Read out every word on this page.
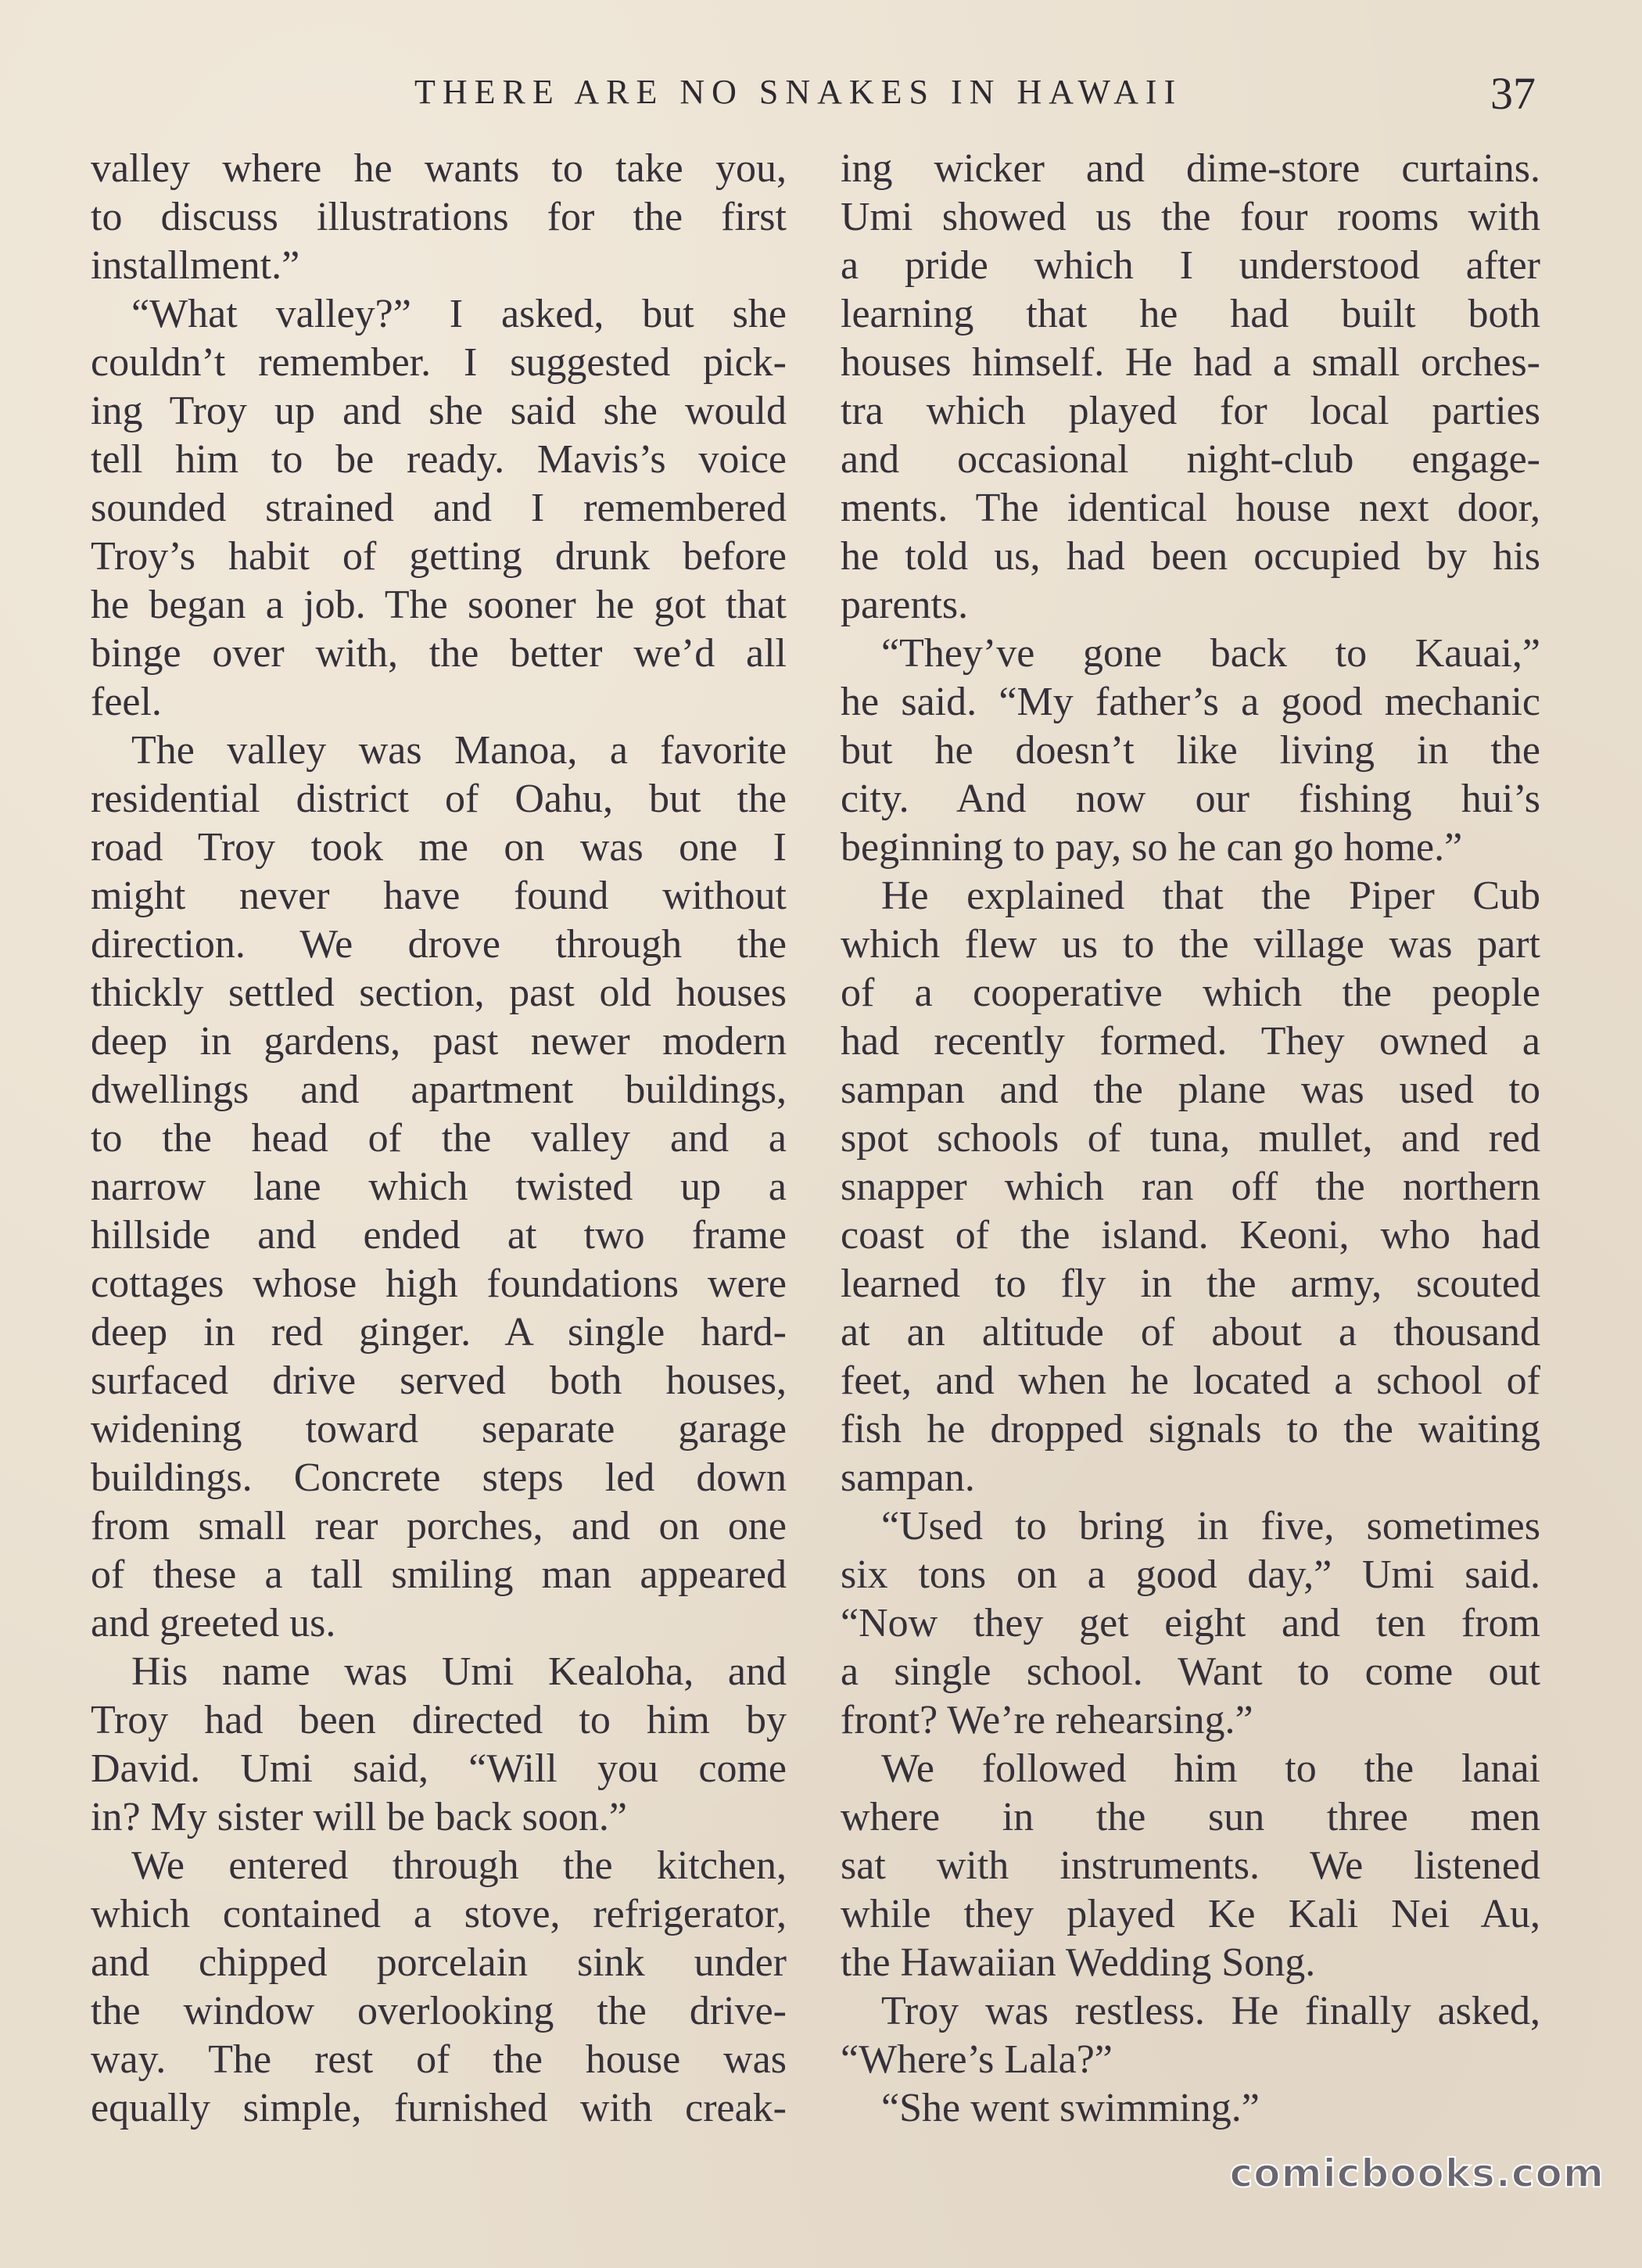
THERE ARE NO SNAKES IN HAWAII	37
valley where he wants to take you,
to discuss illustrations for the first
installment.”
“What valley?” I asked, but she
couldn’t remember. I suggested pick-
ing Troy up and she said she would
tell him to be ready. Mavis’s voice
sounded strained and I remembered
Troy’s habit of getting drunk before
he began a job. The sooner he got that
binge over with, the better we’d all
feel.
The valley was Manoa, a favorite
residential district of Oahu, but the
road Troy took me on was one I
might never have found without
direction. We drove through the
thickly settled section, past old houses
deep in gardens, past newer modern
dwellings and apartment buildings,
to the head of the valley and a
narrow lane which twisted up a
hillside and ended at two frame
cottages whose high foundations were
deep in red ginger. A single hard-
surfaced drive served both houses,
widening toward separate garage
buildings. Concrete steps led down
from small rear porches, and on one
of these a tall smiling man appeared
and greeted us.
His name was Umi Kealoha, and
Troy had been directed to him by
David. Umi said, “Will you come
in? My sister will be back soon.”
We entered through the kitchen,
which contained a stove, refrigerator,
and chipped porcelain sink under
the window overlooking the drive-
way. The rest of the house was
equally simple, furnished with creak-
ing wicker and dime-store curtains.
Umi showed us the four rooms with
a pride which I understood after
learning that he had built both
houses himself. He had a small orches-
tra which played for local parties
and occasional night-club engage-
ments. The identical house next door,
he told us, had been occupied by his
parents.
“They’ve gone back to Kauai,”
he said. “My father’s a good mechanic
but he doesn’t like living in the
city. And now our fishing hui’s
beginning to pay, so he can go home.”
He explained that the Piper Cub
which flew us to the village was part
of a cooperative which the people
had recently formed. They owned a
sampan and the plane was used to
spot schools of tuna, mullet, and red
snapper which ran off the northern
coast of the island. Keoni, who had
learned to fly in the army, scouted
at an altitude of about a thousand
feet, and when he located a school of
fish he dropped signals to the waiting
sampan.
“Used to bring in five, sometimes
six tons on a good day,” Umi said.
“Now they get eight and ten from
a single school. Want to come out
front? We’re rehearsing.”
We followed him to the lanai
where in the sun three men
sat with instruments. We listened
while they played Ke Kali Nei Au,
the Hawaiian Wedding Song.
Troy was restless. He finally asked,
“Where’s Lala?”
“She went swimming.”
comicbooks.com
